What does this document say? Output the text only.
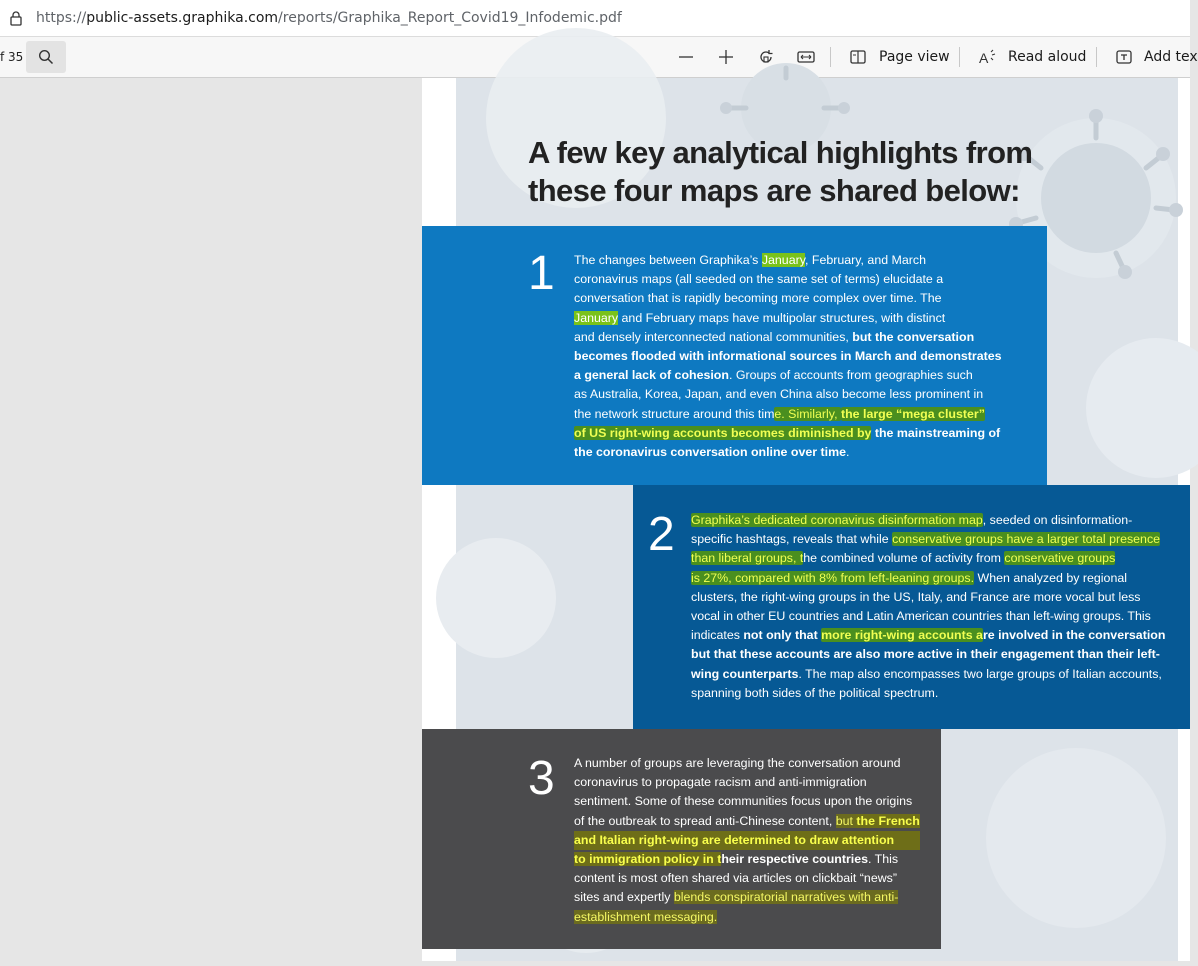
https://public-assets.graphika.com/reports/Graphika_Report_Covid19_Infodemic.pdf
f 35	Page view A Read aloud	Add tex
A few key analytical highlights from
these four maps are shared below:
1 The changes between Graphika’s January, February, and March
coronavirus maps (all seeded on the same set of terms) elucidate a
conversation that is rapidly becoming more complex over time. The
January and February maps have multipolar structures, with distinct
and densely interconnected national communities, but the conversation
becomes flooded with informational sources in March and demonstrates
a general lack of cohesion. Groups of accounts from geographies such
as Australia, Korea, Japan, and even China also become less prominent in
the network structure around this time. Similarly, the large “mega cluster”
of US right-wing accounts becomes diminished by the mainstreaming of
the coronavirus conversation online over time.
2 Graphika’s dedicated coronavirus disinformation map, seeded on disinformation-
specific hashtags, reveals that while conservative groups have a larger total presence
than liberal groups, the combined volume of activity from conservative groups
is 27%, compared with 8% from left-leaning groups. When analyzed by regional
clusters, the right-wing groups in the US, Italy, and France are more vocal but less
vocal in other EU countries and Latin American countries than left-wing groups. This
indicates not only that more right-wing accounts are involved in the conversation
but that these accounts are also more active in their engagement than their left-
wing counterparts. The map also encompasses two large groups of Italian accounts,
spanning both sides of the political spectrum.
3 A number of groups are leveraging the conversation around
coronavirus to propagate racism and anti-immigration
sentiment. Some of these communities focus upon the origins
of the outbreak to spread anti-Chinese content, but the French
and Italian right-wing are determined to draw attention
to immigration policy in their respective countries. This
content is most often shared via articles on clickbait “news”
sites and expertly blends conspiratorial narratives with anti-
establishment messaging.
